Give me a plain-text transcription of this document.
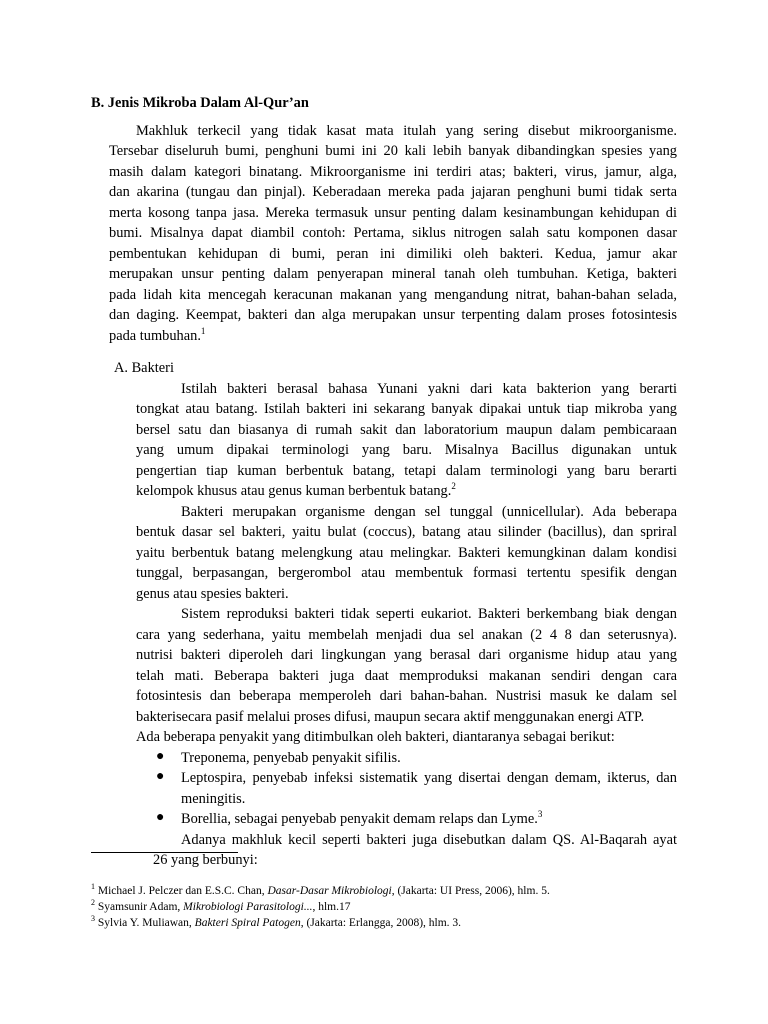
B. Jenis Mikroba Dalam Al-Qur’an
Makhluk terkecil yang tidak kasat mata itulah yang sering disebut mikroorganisme.
Tersebar diseluruh bumi, penghuni bumi ini 20 kali lebih banyak dibandingkan spesies yang
masih dalam kategori binatang. Mikroorganisme ini terdiri atas; bakteri, virus, jamur, alga,
dan akarina (tungau dan pinjal). Keberadaan mereka pada jajaran penghuni bumi tidak serta
merta kosong tanpa jasa. Mereka termasuk unsur penting dalam kesinambungan kehidupan di
bumi. Misalnya dapat diambil contoh: Pertama, siklus nitrogen salah satu komponen dasar
pembentukan kehidupan di bumi, peran ini dimiliki oleh bakteri. Kedua, jamur akar
merupakan unsur penting dalam penyerapan mineral tanah oleh tumbuhan. Ketiga, bakteri
pada lidah kita mencegah keracunan makanan yang mengandung nitrat, bahan-bahan selada,
dan daging. Keempat, bakteri dan alga merupakan unsur terpenting dalam proses fotosintesis
pada tumbuhan.$^1$
A. Bakteri
Istilah bakteri berasal bahasa Yunani yakni dari kata bakterion yang berarti
tongkat atau batang. Istilah bakteri ini sekarang banyak dipakai untuk tiap mikroba yang
bersel satu dan biasanya di rumah sakit dan laboratorium maupun dalam pembicaraan
yang umum dipakai terminologi yang baru. Misalnya Bacillus digunakan untuk
pengertian tiap kuman berbentuk batang, tetapi dalam terminologi yang baru berarti
kelompok khusus atau genus kuman berbentuk batang.$^2$
Bakteri merupakan organisme dengan sel tunggal (unnicellular). Ada beberapa
bentuk dasar sel bakteri, yaitu bulat (coccus), batang atau silinder (bacillus), dan spriral
yaitu berbentuk batang melengkung atau melingkar. Bakteri kemungkinan dalam kondisi
tunggal, berpasangan, bergerombol atau membentuk formasi tertentu spesifik dengan
genus atau spesies bakteri.
Sistem reproduksi bakteri tidak seperti eukariot. Bakteri berkembang biak dengan
cara yang sederhana, yaitu membelah menjadi dua sel anakan (2 4 8 dan seterusnya).
nutrisi bakteri diperoleh dari lingkungan yang berasal dari organisme hidup atau yang
telah mati. Beberapa bakteri juga daat memproduksi makanan sendiri dengan cara
fotosintesis dan beberapa memperoleh dari bahan-bahan. Nustrisi masuk ke dalam sel
bakterisecara pasif melalui proses difusi, maupun secara aktif menggunakan energi ATP.
Ada beberapa penyakit yang ditimbulkan oleh bakteri, diantaranya sebagai berikut:
● Treponema, penyebab penyakit sifilis.
● Leptospira, penyebab infeksi sistematik yang disertai dengan demam, ikterus, dan
meningitis.
● Borellia, sebagai penyebab penyakit demam relaps dan Lyme.$^3$
Adanya makhluk kecil seperti bakteri juga disebutkan dalam QS. Al-Baqarah ayat
26 yang berbunyi:
$^1$ Michael J. Pelczer dan E.S.C. Chan, Dasar-Dasar Mikrobiologi, (Jakarta: UI Press, 2006), hlm. 5.
$^2$ Syamsunir Adam, Mikrobiologi Parasitologi..., hlm.17
$^3$ Sylvia Y. Muliawan, Bakteri Spiral Patogen, (Jakarta: Erlangga, 2008), hlm. 3.
